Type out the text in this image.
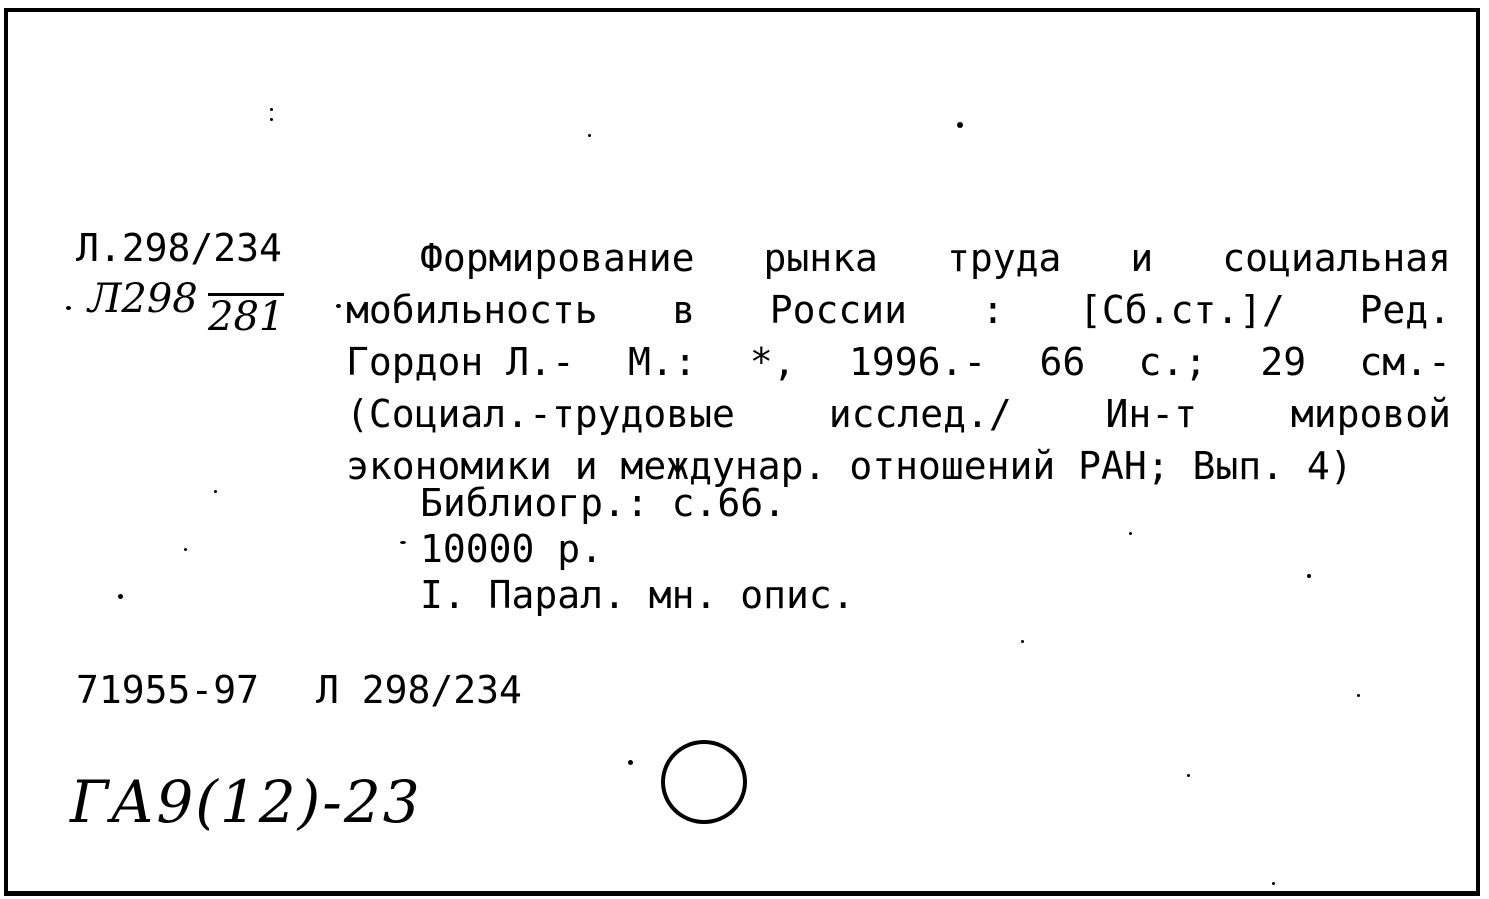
Л.298/234
Л298 281
Формирование рынка труда и социальная
мобильность в России : [Сб.ст.]/ Ред.
Гордон Л.- М.: *, 1996.- 66 с.; 29 см.-
(Социал.-трудовые исслед./ Ин-т мировой
экономики и междунар. отношений РАН; Вып. 4)
Библиогр.: с.66.
10000 р.
I. Парал. мн. опис.
71955-97 Л 298/234
ГА9(12)-23
